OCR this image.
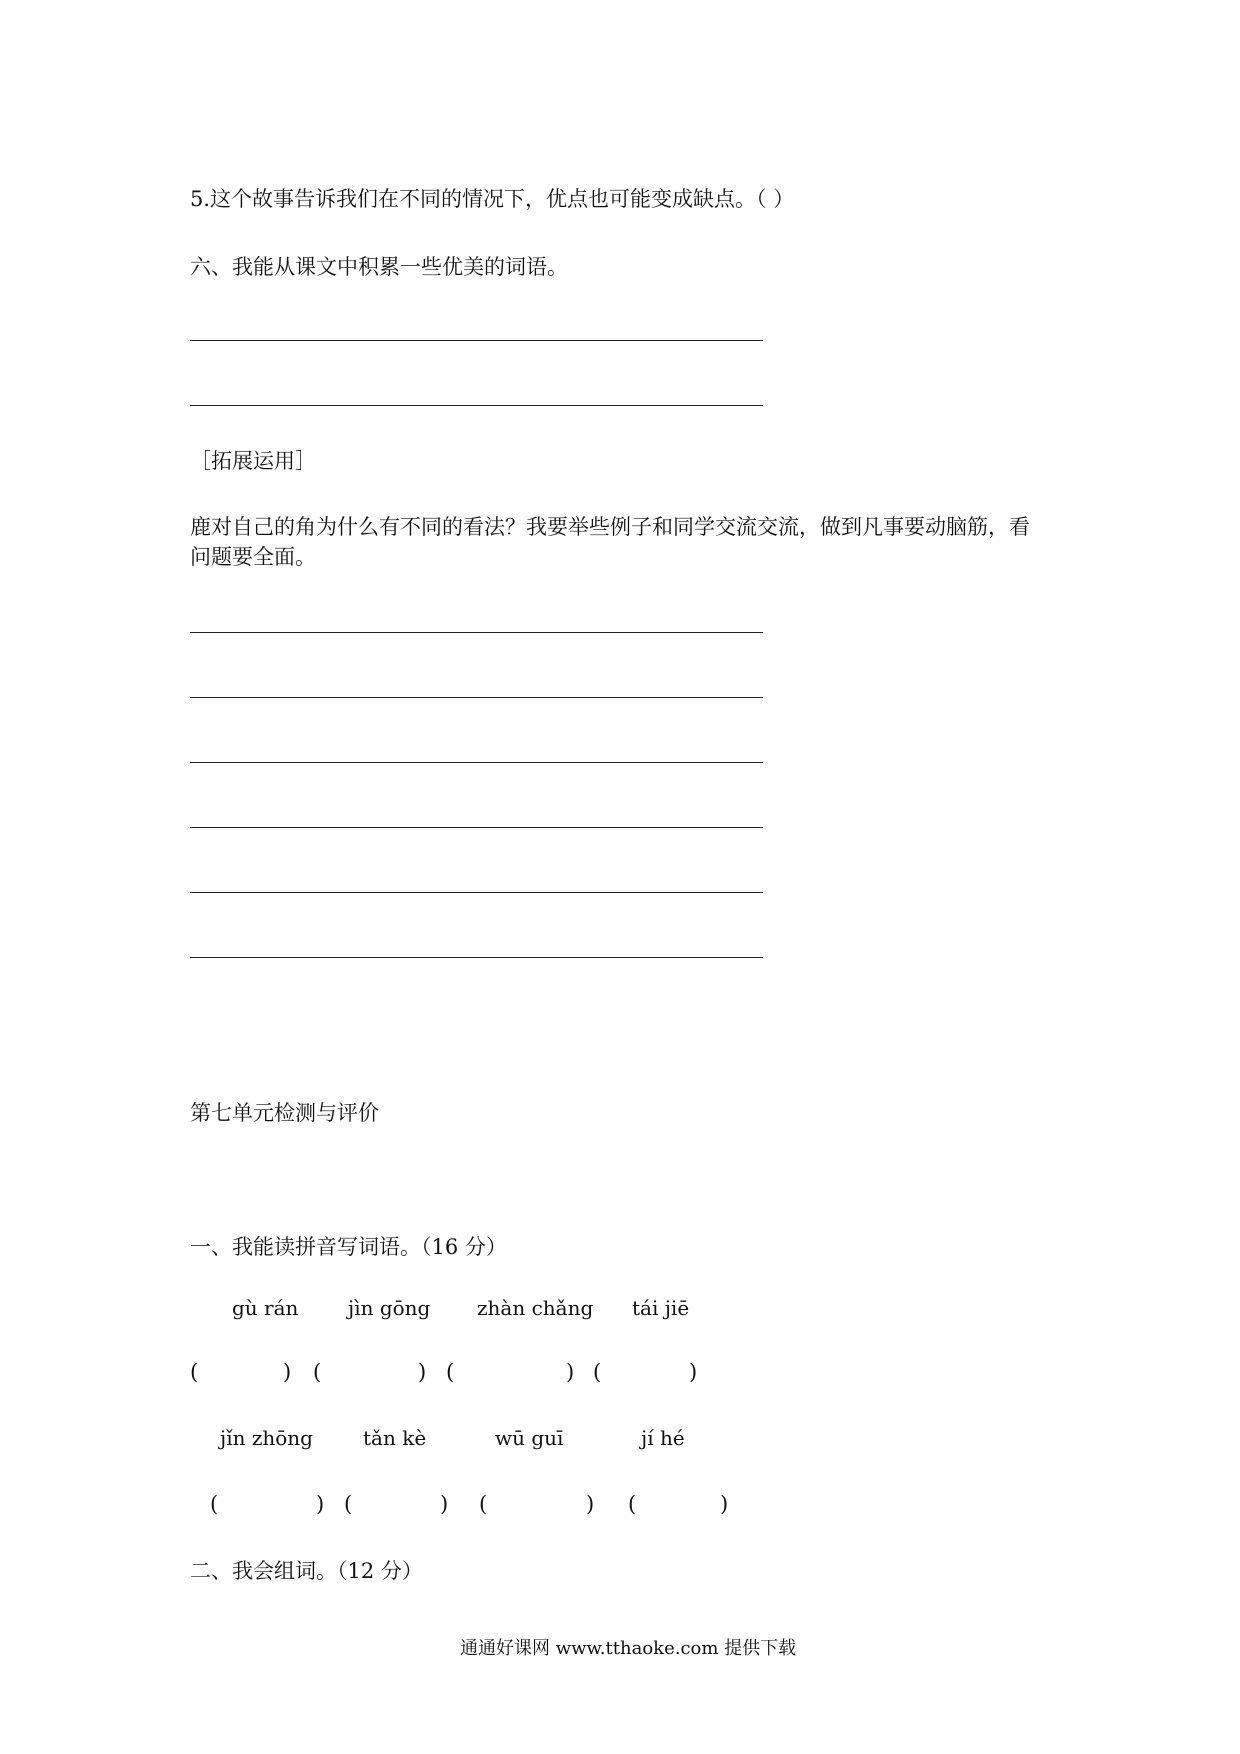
5.这个故事告诉我们在不同的情况下，优点也可能变成缺点。（ ）
六、我能从课文中积累一些优美的词语。
［拓展运用］
鹿对自己的角为什么有不同的看法？我要举些例子和同学交流交流，做到凡事要动脑筋，看
问题要全面。
第七单元检测与评价
一、我能读拼音写词语。（16 分）
gù rán jìn gōng zhàn chǎng tái jiē
(	) (	) (	) (	)
jǐn zhōng	tǎn kè	wū guī	jí hé
(	) (	) (	) (	)
二、我会组词。（12 分）
通通好课网 www.tthaoke.com 提供下载
